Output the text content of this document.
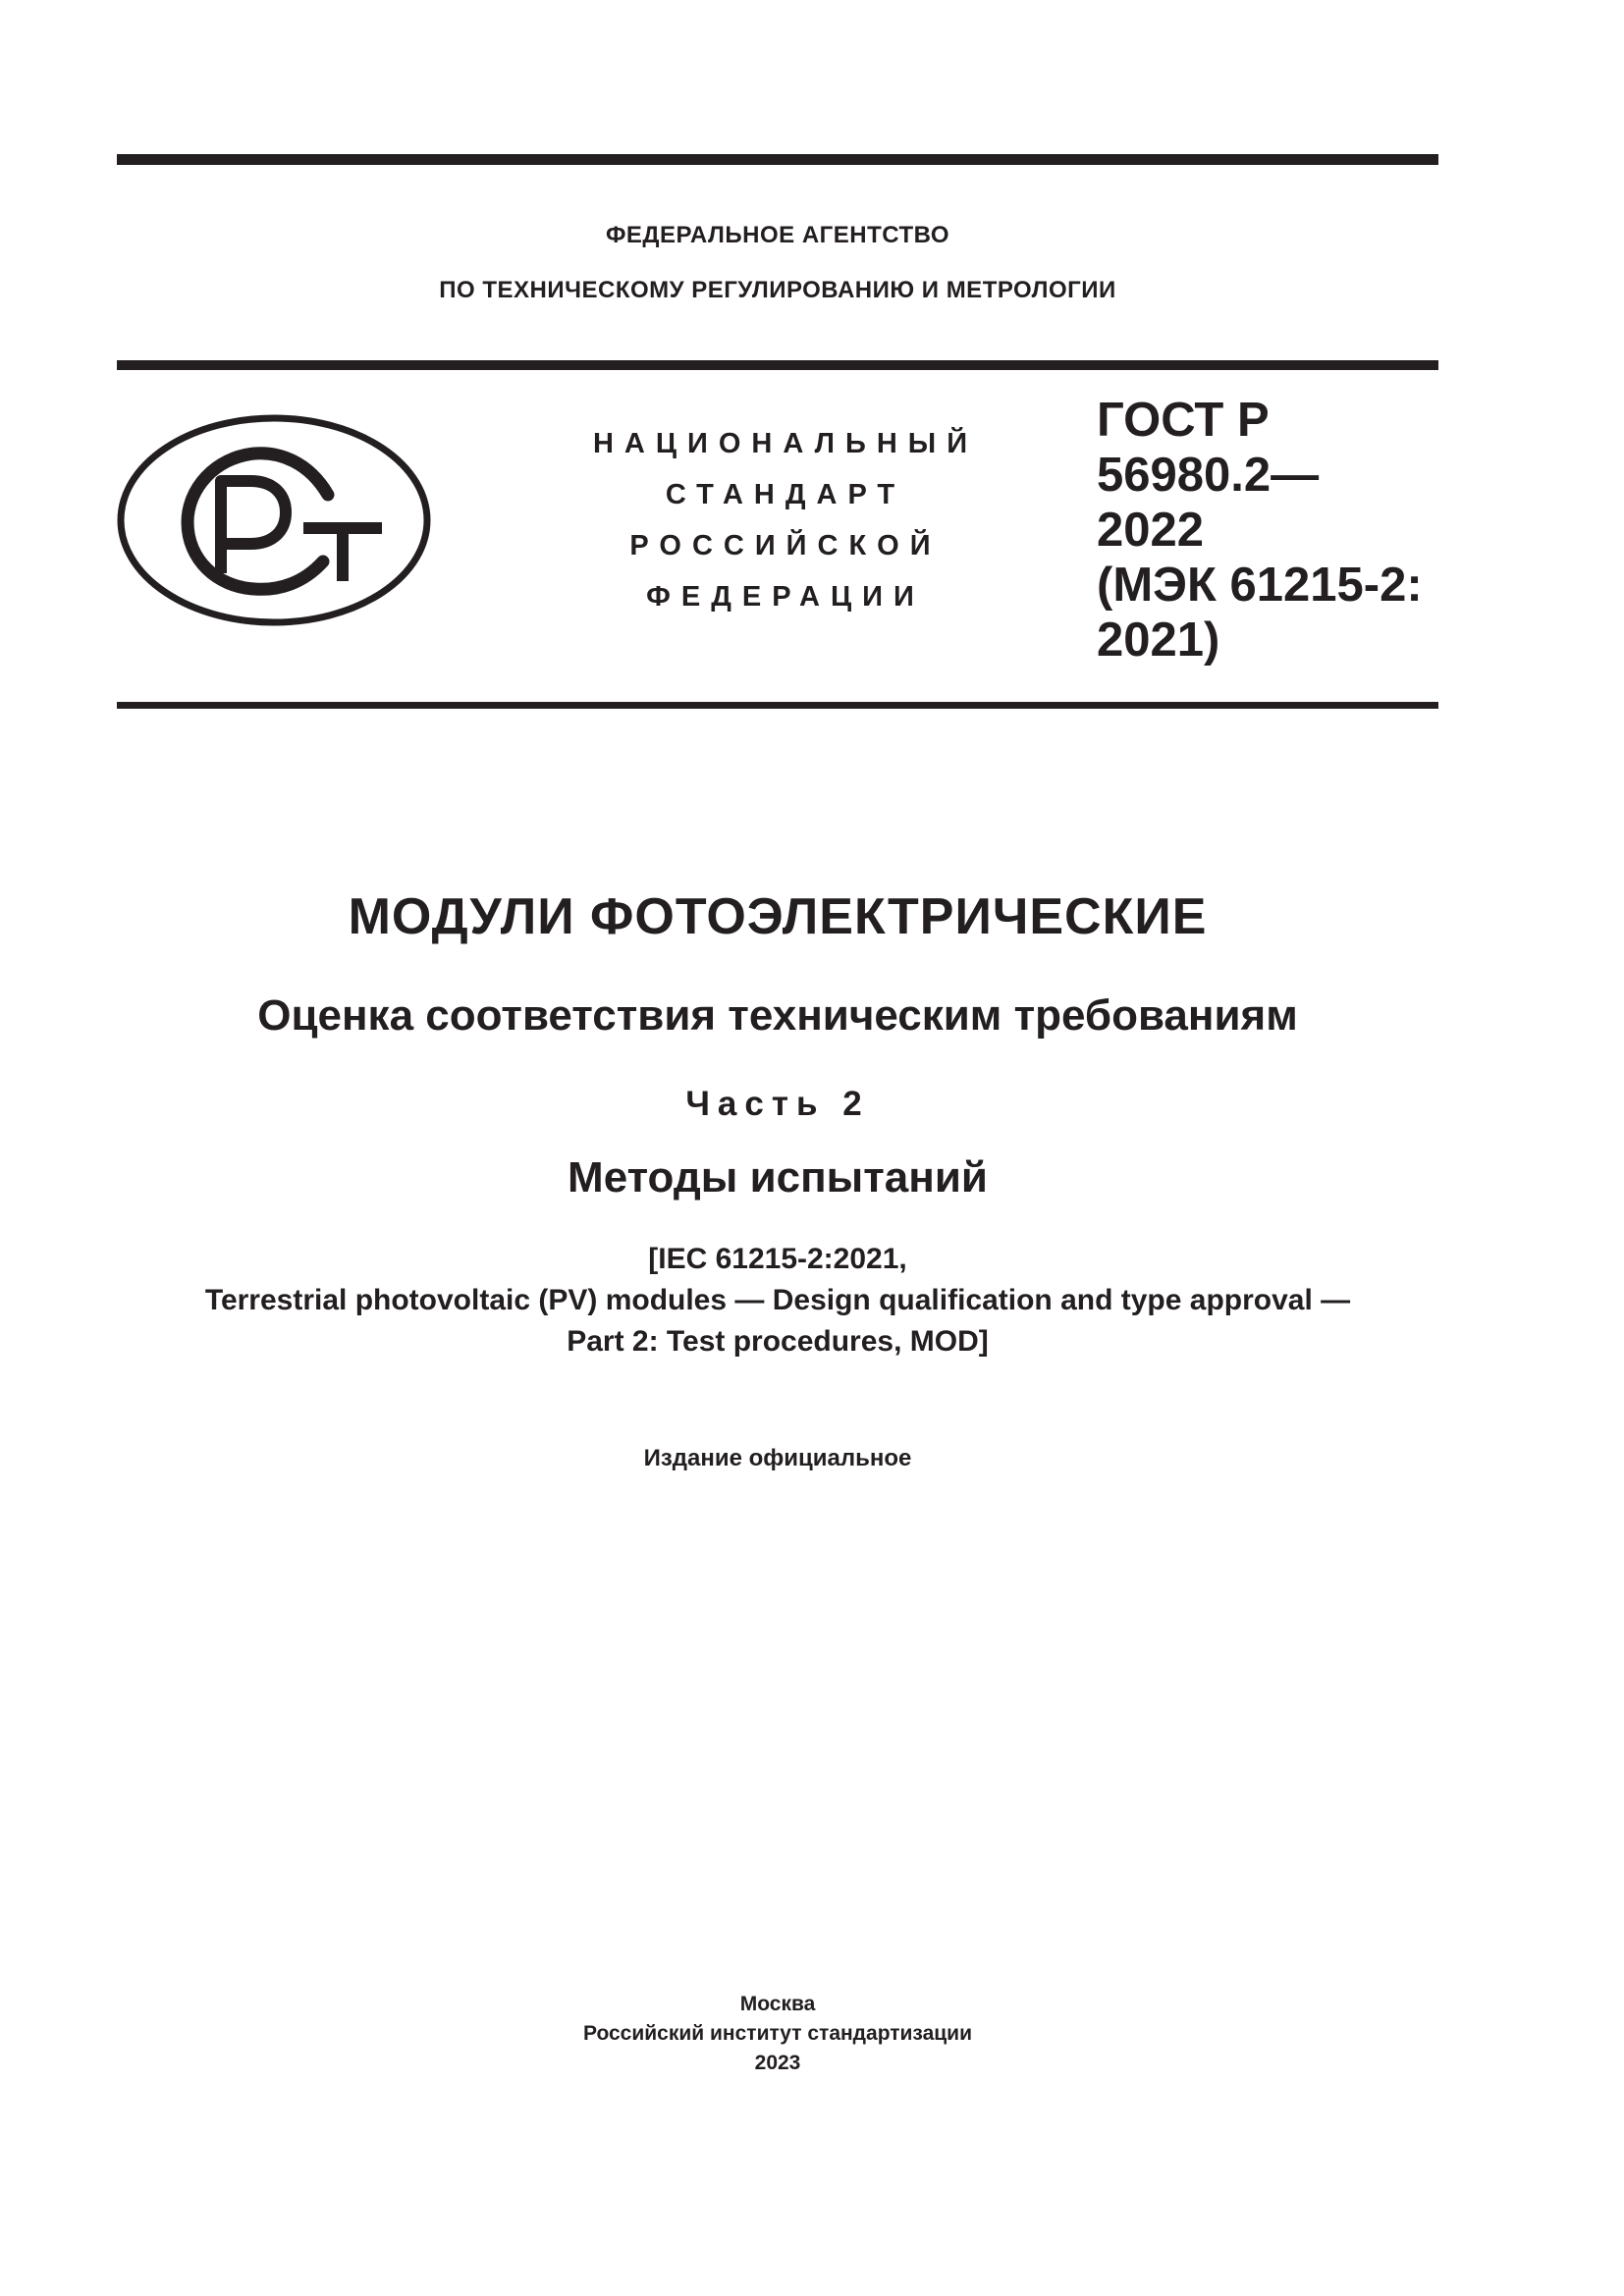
ФЕДЕРАЛЬНОЕ АГЕНТСТВО
ПО ТЕХНИЧЕСКОМУ РЕГУЛИРОВАНИЮ И МЕТРОЛОГИИ
РСТ
НАЦИОНАЛЬНЫЙ
СТАНДАРТ
РОССИЙСКОЙ
ФЕДЕРАЦИИ
ГОСТ Р
56980.2—
2022
(МЭК 61215-2:
2021)
МОДУЛИ ФОТОЭЛЕКТРИЧЕСКИЕ
Оценка соответствия техническим требованиям
Часть 2
Методы испытаний
[IEC 61215-2:2021,
Terrestrial photovoltaic (PV) modules — Design qualification and type approval —
Part 2: Test procedures, MOD]
Издание официальное
Москва
Российский институт стандартизации
2023
